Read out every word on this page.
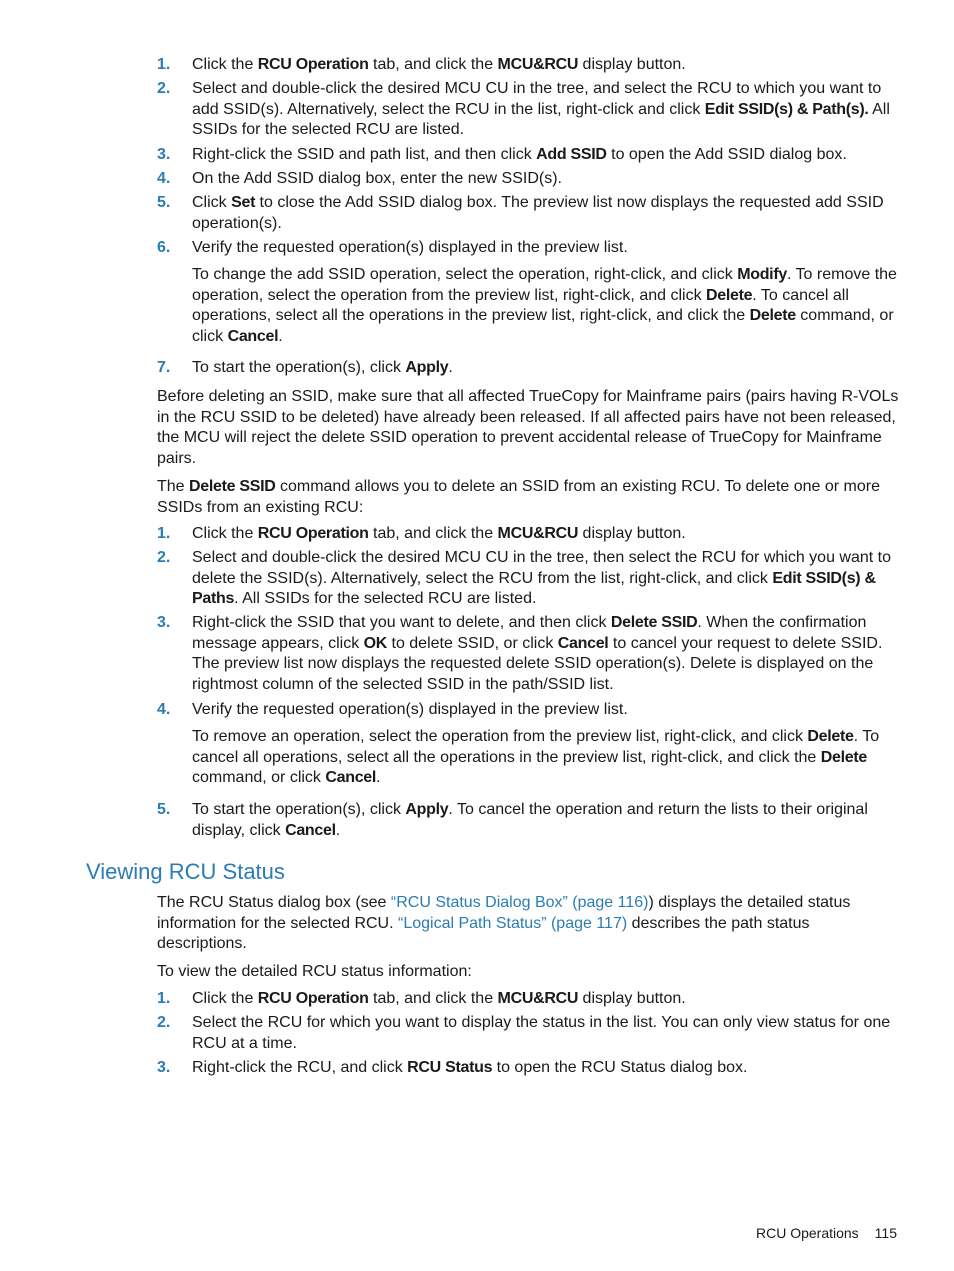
1. Click the RCU Operation tab, and click the MCU&RCU display button.
2. Select and double-click the desired MCU CU in the tree, and select the RCU to which you want to add SSID(s). Alternatively, select the RCU in the list, right-click and click Edit SSID(s) & Path(s). All SSIDs for the selected RCU are listed.
3. Right-click the SSID and path list, and then click Add SSID to open the Add SSID dialog box.
4. On the Add SSID dialog box, enter the new SSID(s).
5. Click Set to close the Add SSID dialog box. The preview list now displays the requested add SSID operation(s).
6. Verify the requested operation(s) displayed in the preview list.
To change the add SSID operation, select the operation, right-click, and click Modify. To remove the operation, select the operation from the preview list, right-click, and click Delete. To cancel all operations, select all the operations in the preview list, right-click, and click the Delete command, or click Cancel.
7. To start the operation(s), click Apply.
Before deleting an SSID, make sure that all affected TrueCopy for Mainframe pairs (pairs having R-VOLs in the RCU SSID to be deleted) have already been released. If all affected pairs have not been released, the MCU will reject the delete SSID operation to prevent accidental release of TrueCopy for Mainframe pairs.
The Delete SSID command allows you to delete an SSID from an existing RCU. To delete one or more SSIDs from an existing RCU:
1. Click the RCU Operation tab, and click the MCU&RCU display button.
2. Select and double-click the desired MCU CU in the tree, then select the RCU for which you want to delete the SSID(s). Alternatively, select the RCU from the list, right-click, and click Edit SSID(s) & Paths. All SSIDs for the selected RCU are listed.
3. Right-click the SSID that you want to delete, and then click Delete SSID. When the confirmation message appears, click OK to delete SSID, or click Cancel to cancel your request to delete SSID. The preview list now displays the requested delete SSID operation(s). Delete is displayed on the rightmost column of the selected SSID in the path/SSID list.
4. Verify the requested operation(s) displayed in the preview list.
To remove an operation, select the operation from the preview list, right-click, and click Delete. To cancel all operations, select all the operations in the preview list, right-click, and click the Delete command, or click Cancel.
5. To start the operation(s), click Apply. To cancel the operation and return the lists to their original display, click Cancel.
Viewing RCU Status
The RCU Status dialog box (see “RCU Status Dialog Box” (page 116)) displays the detailed status information for the selected RCU. “Logical Path Status” (page 117) describes the path status descriptions.
To view the detailed RCU status information:
1. Click the RCU Operation tab, and click the MCU&RCU display button.
2. Select the RCU for which you want to display the status in the list. You can only view status for one RCU at a time.
3. Right-click the RCU, and click RCU Status to open the RCU Status dialog box.
RCU Operations 115
